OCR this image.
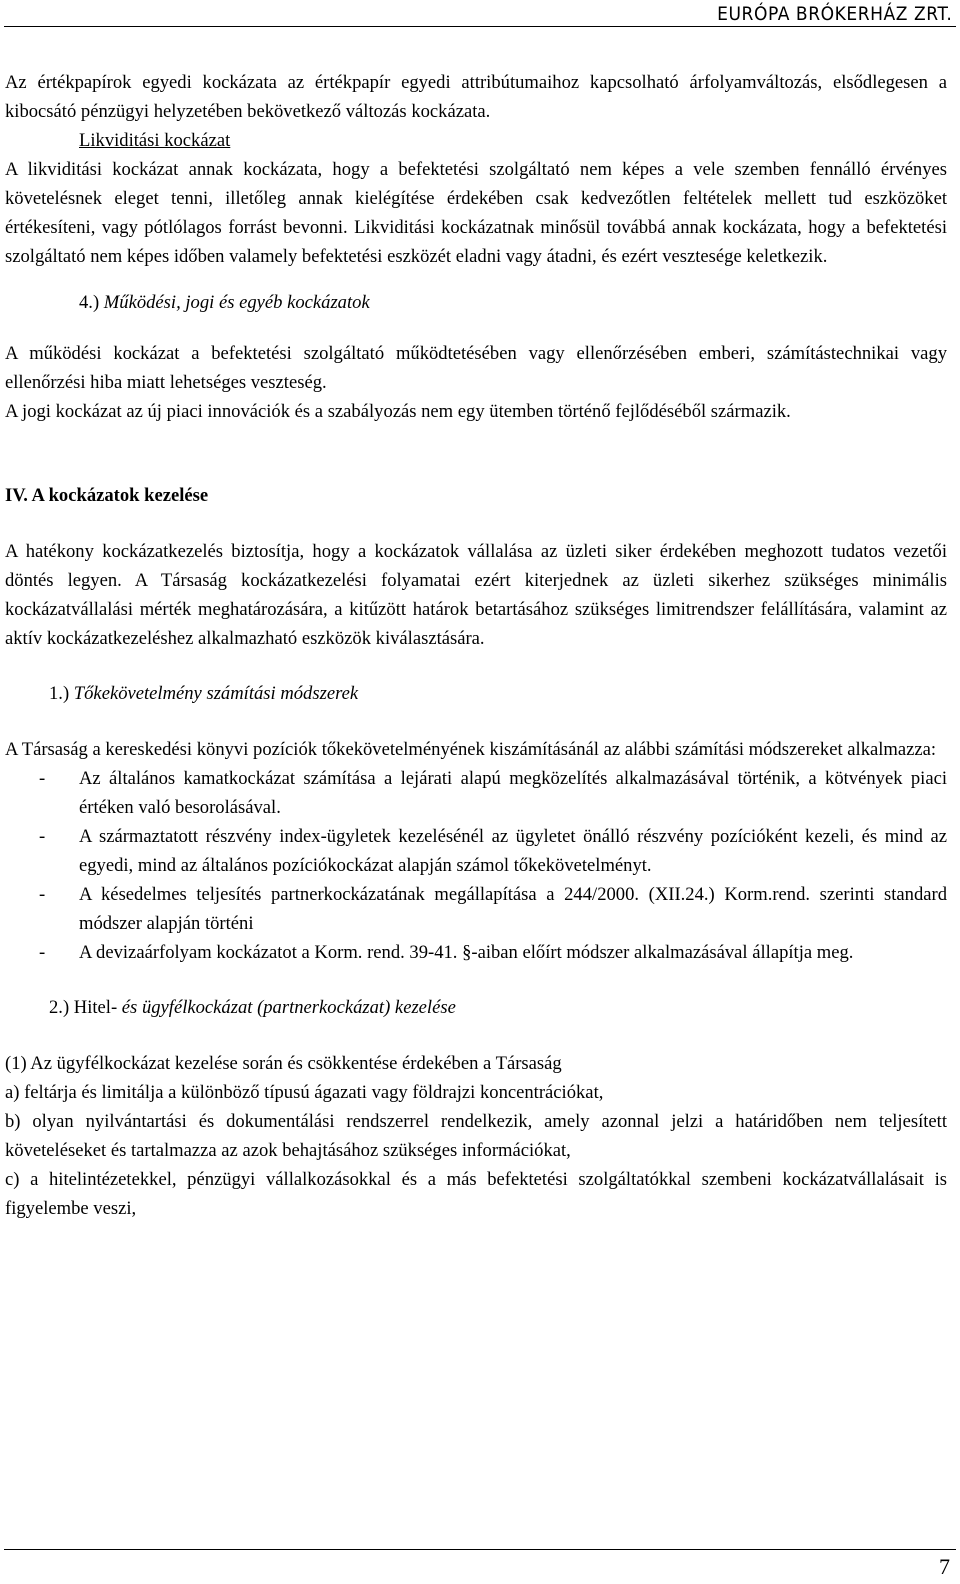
EURÓPA BRÓKERHÁZ ZRT.

Az értékpapírok egyedi kockázata az értékpapír egyedi attribútumaihoz kapcsolható árfolyamváltozás, elsődlegesen a kibocsátó pénzügyi helyzetében bekövetkező változás kockázata.

Likviditási kockázat

A likviditási kockázat annak kockázata, hogy a befektetési szolgáltató nem képes a vele szemben fennálló érvényes követelésnek eleget tenni, illetőleg annak kielégítése érdekében csak kedvezőtlen feltételek mellett tud eszközöket értékesíteni, vagy pótlólagos forrást bevonni. Likviditási kockázatnak minősül továbbá annak kockázata, hogy a befektetési szolgáltató nem képes időben valamely befektetési eszközét eladni vagy átadni, és ezért vesztesége keletkezik.

4.) Működési, jogi és egyéb kockázatok

A működési kockázat a befektetési szolgáltató működtetésében vagy ellenőrzésében emberi, számítástechnikai vagy ellenőrzési hiba miatt lehetséges veszteség.

A jogi kockázat az új piaci innovációk és a szabályozás nem egy ütemben történő fejlődéséből származik.

IV. A kockázatok kezelése

A hatékony kockázatkezelés biztosítja, hogy a kockázatok vállalása az üzleti siker érdekében meghozott tudatos vezetői döntés legyen. A Társaság kockázatkezelési folyamatai ezért kiterjednek az üzleti sikerhez szükséges minimális kockázatvállalási mérték meghatározására, a kitűzött határok betartásához szükséges limitrendszer felállítására, valamint az aktív kockázatkezeléshez alkalmazható eszközök kiválasztására.

1.) Tőkekövetelmény számítási módszerek

A Társaság a kereskedési könyvi pozíciók tőkekövetelményének kiszámításánál az alábbi számítási módszereket alkalmazza:

- Az általános kamatkockázat számítása a lejárati alapú megközelítés alkalmazásával történik, a kötvények piaci értéken való besorolásával.
- A származtatott részvény index-ügyletek kezelésénél az ügyletet önálló részvény pozícióként kezeli, és mind az egyedi, mind az általános pozíciókockázat alapján számol tőkekövetelményt.
- A késedelmes teljesítés partnerkockázatának megállapítása a 244/2000. (XII.24.) Korm.rend. szerinti standard módszer alapján történi
- A devizaárfolyam kockázatot a Korm. rend. 39-41. §-aiban előírt módszer alkalmazásával állapítja meg.

2.) Hitel- és ügyfélkockázat (partnerkockázat) kezelése

(1) Az ügyfélkockázat kezelése során és csökkentése érdekében a Társaság

a) feltárja és limitálja a különböző típusú ágazati vagy földrajzi koncentrációkat,

b) olyan nyilvántartási és dokumentálási rendszerrel rendelkezik, amely azonnal jelzi a határidőben nem teljesített követeléseket és tartalmazza az azok behajtásához szükséges információkat,

c) a hitelintézetekkel, pénzügyi vállalkozásokkal és a más befektetési szolgáltatókkal szembeni kockázatvállalásait is figyelembe veszi,

7
